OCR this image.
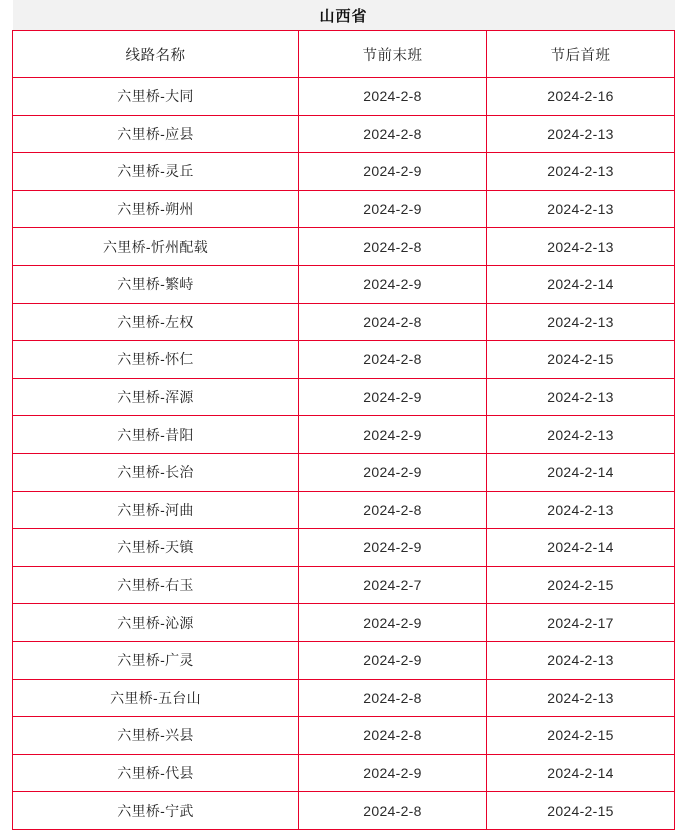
山西省		
线路名称	节前末班	节后首班
六里桥-大同	2024-2-8	2024-2-16
六里桥-应县	2024-2-8	2024-2-13
六里桥-灵丘	2024-2-9	2024-2-13
六里桥-朔州	2024-2-9	2024-2-13
六里桥-忻州配载	2024-2-8	2024-2-13
六里桥-繁峙	2024-2-9	2024-2-14
六里桥-左权	2024-2-8	2024-2-13
六里桥-怀仁	2024-2-8	2024-2-15
六里桥-浑源	2024-2-9	2024-2-13
六里桥-昔阳	2024-2-9	2024-2-13
六里桥-长治	2024-2-9	2024-2-14
六里桥-河曲	2024-2-8	2024-2-13
六里桥-天镇	2024-2-9	2024-2-14
六里桥-右玉	2024-2-7	2024-2-15
六里桥-沁源	2024-2-9	2024-2-17
六里桥-广灵	2024-2-9	2024-2-13
六里桥-五台山	2024-2-8	2024-2-13
六里桥-兴县	2024-2-8	2024-2-15
六里桥-代县	2024-2-9	2024-2-14
六里桥-宁武	2024-2-8	2024-2-15
